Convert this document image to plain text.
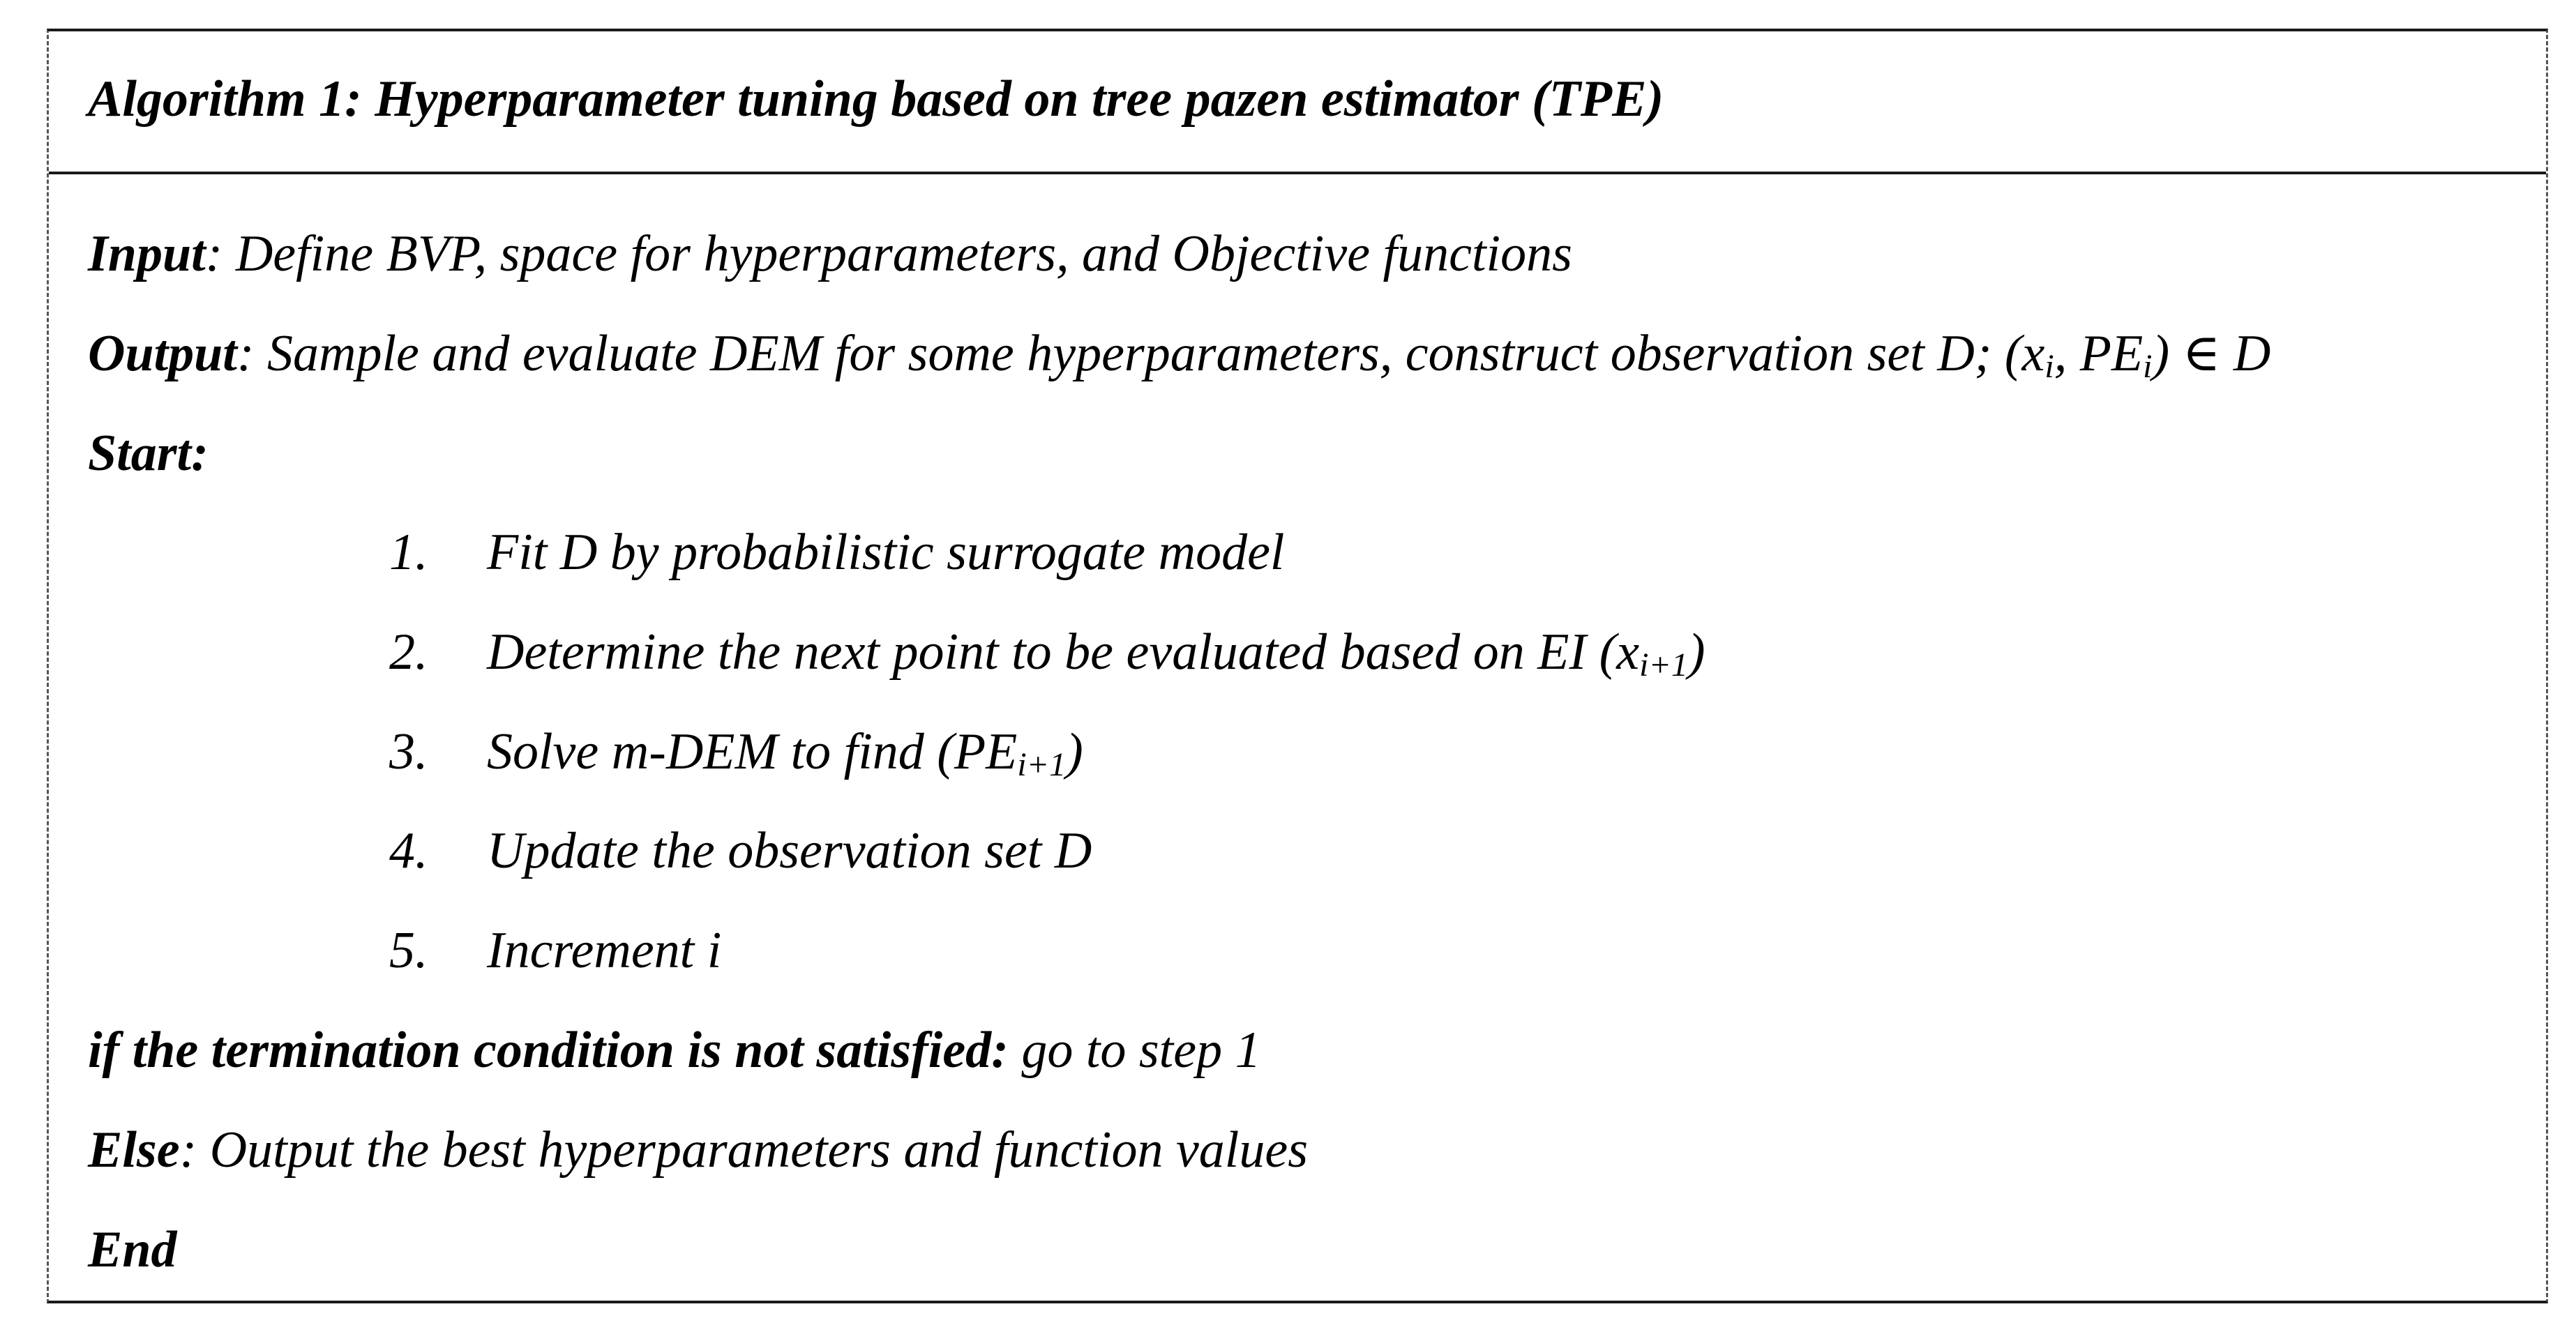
Algorithm 1: Hyperparameter tuning based on tree pazen estimator (TPE)
Input: Define BVP, space for hyperparameters, and Objective functions
Output: Sample and evaluate DEM for some hyperparameters, construct observation set D; ($x_i$, $PE_i$) ∈ D
Start:
1. Fit D by probabilistic surrogate model
2. Determine the next point to be evaluated based on EI $(x_{i+1})$
3. Solve m-DEM to find $(PE_{i+1})$
4. Update the observation set D
5. Increment i
if the termination condition is not satisfied: go to step 1
Else: Output the best hyperparameters and function values
End
